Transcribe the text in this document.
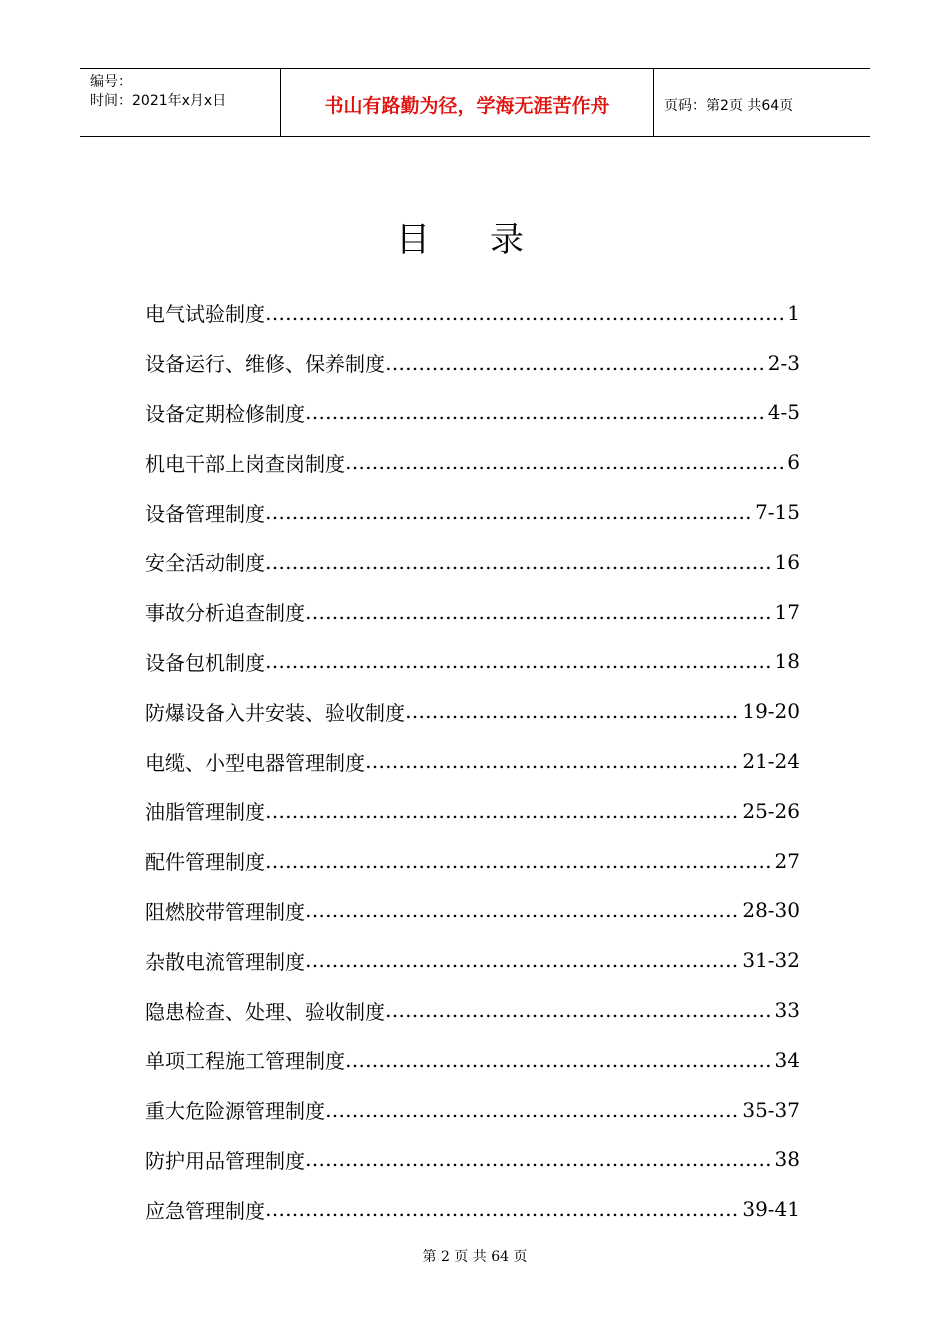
编号：
时间：2021年x月x日	书山有路勤为径，学海无涯苦作舟	页码：第2页 共64页
目录
电气试验制度 ……………………………………………………………………………………………………………………	1
设备运行、维修、保养制度 ……………………………………………………………………………………………………………………	2-3
设备定期检修制度 ……………………………………………………………………………………………………………………	4-5
机电干部上岗查岗制度 ……………………………………………………………………………………………………………………	6
设备管理制度 ……………………………………………………………………………………………………………………	7-15
安全活动制度 ……………………………………………………………………………………………………………………	16
事故分析追查制度 ……………………………………………………………………………………………………………………	17
设备包机制度 ……………………………………………………………………………………………………………………	18
防爆设备入井安装、验收制度 ……………………………………………………………………………………………………………………	19-20
电缆、小型电器管理制度 ……………………………………………………………………………………………………………………	21-24
油脂管理制度 ……………………………………………………………………………………………………………………	25-26
配件管理制度 ……………………………………………………………………………………………………………………	27
阻燃胶带管理制度 ……………………………………………………………………………………………………………………	28-30
杂散电流管理制度 ……………………………………………………………………………………………………………………	31-32
隐患检查、处理、验收制度 ……………………………………………………………………………………………………………………	33
单项工程施工管理制度 ……………………………………………………………………………………………………………………	34
重大危险源管理制度 ……………………………………………………………………………………………………………………	35-37
防护用品管理制度 ……………………………………………………………………………………………………………………	38
应急管理制度 ……………………………………………………………………………………………………………………	39-41
第 2 页 共 64 页
